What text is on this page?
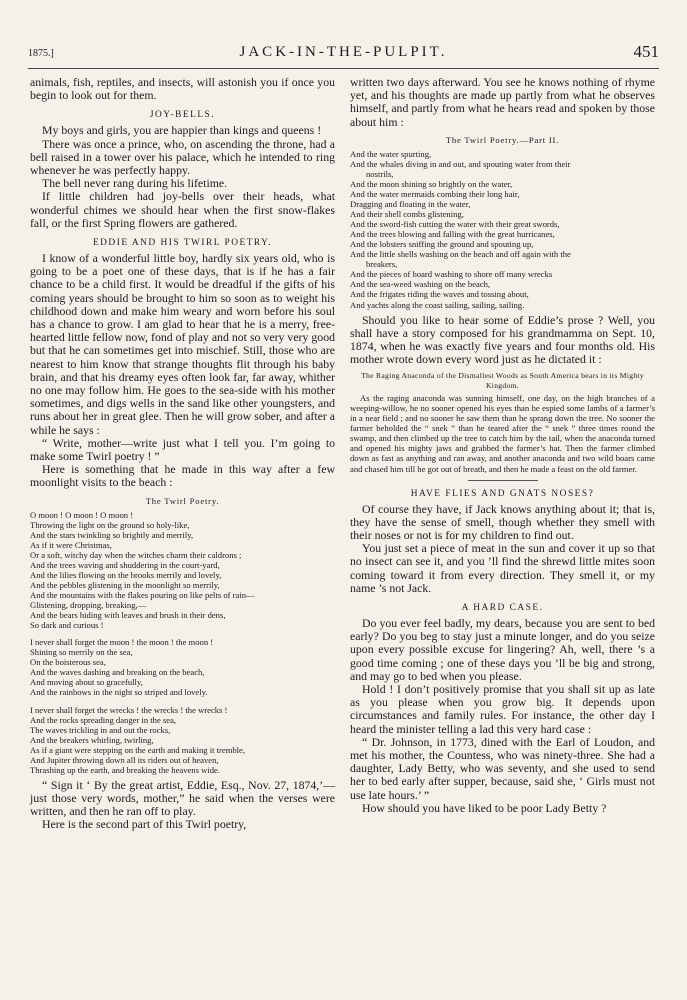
1875.]	JACK-IN-THE-PULPIT.	451

animals, fish, reptiles, and insects, will astonish you if once you begin to look out for them.

JOY-BELLS.

My boys and girls, you are happier than kings and queens !

There was once a prince, who, on ascending the throne, had a bell raised in a tower over his palace, which he intended to ring whenever he was perfectly happy.

The bell never rang during his lifetime.

If little children had joy-bells over their heads, what wonderful chimes we should hear when the first snow-flakes fall, or the first Spring flowers are gathered.

EDDIE AND HIS TWIRL POETRY.

I know of a wonderful little boy, hardly six years old, who is going to be a poet one of these days, that is if he has a fair chance to be a child first. It would be dreadful if the gifts of his coming years should be brought to him so soon as to weight his childhood down and make him weary and worn before his soul has a chance to grow. I am glad to hear that he is a merry, free-hearted little fellow now, fond of play and not so very very good but that he can sometimes get into mischief. Still, those who are nearest to him know that strange thoughts flit through his baby brain, and that his dreamy eyes often look far, far away, whither no one may follow him. He goes to the sea-side with his mother sometimes, and digs wells in the sand like other youngsters, and runs about her in great glee. Then he will grow sober, and after a while he says :

“ Write, mother—write just what I tell you. I’m going to make some Twirl poetry ! ”

Here is something that he made in this way after a few moonlight visits to the beach :

The Twirl Poetry.
O moon ! O moon ! O moon !
Throwing the light on the ground so holy-like,
And the stars twinkling so brightly and merrily,
As if it were Christmas,
Or a soft, witchy day when the witches charm their caldrons ;
And the trees waving and shuddering in the court-yard,
And the lilies flowing on the brooks merrily and lovely,
And the pebbles glistening in the moonlight so merrily,
And the mountains with the flakes pouring on like pelts of rain—
Glistening, dropping, breaking,—
And the bears hiding with leaves and brush in their dens,
So dark and curious !
I never shall forget the moon ! the moon ! the moon !
Shining so merrily on the sea,
On the boisterous sea,
And the waves dashing and breaking on the beach,
And moving about so gracefully,
And the rainbows in the night so striped and lovely.
I never shall forget the wrecks ! the wrecks ! the wrecks !
And the rocks spreading danger in the sea,
The waves trickling in and out the rocks,
And the breakers whirling, twirling,
As if a giant were stepping on the earth and making it tremble,
And Jupiter throwing down all its riders out of heaven,
Thrashing up the earth, and breaking the heavens wide.

“ Sign it ‘ By the great artist, Eddie, Esq., Nov. 27, 1874,’—just those very words, mother,” he said when the verses were written, and then he ran off to play.

Here is the second part of this Twirl poetry,

written two days afterward. You see he knows nothing of rhyme yet, and his thoughts are made up partly from what he observes himself, and partly from what he hears read and spoken by those about him :

The Twirl Poetry.—Part II.
And the water spurting,
And the whales diving in and out, and spouting water from their
nostrils,
And the moon shining so brightly on the water,
And the water mermaids combing their long hair,
Dragging and floating in the water,
And their shell combs glistening,
And the sword-fish cutting the water with their great swords,
And the trees blowing and falling with the great hurricanes,
And the lobsters sniffing the ground and spouting up,
And the little shells washing on the beach and off again with the
breakers,
And the pieces of board washing to shore off many wrecks
And the sea-weed washing on the beach,
And the frigates riding the waves and tossing about,
And yachts along the coast sailing, sailing, sailing.

Should you like to hear some of Eddie’s prose ? Well, you shall have a story composed for his grandmamma on Sept. 10, 1874, when he was exactly five years and four months old. His mother wrote down every word just as he dictated it :

The Raging Anaconda of the Dismallest Woods as South America bears in its Mighty Kingdom.

As the raging anaconda was sunning himself, one day, on the high branches of a weeping-willow, he no sooner opened his eyes than he espied some lambs of a farmer’s in a near field ; and no sooner he saw them than he sprang down the tree. No sooner the farmer beholded the “ snek ” than he teared after the “ snek ” three times round the swamp, and then climbed up the tree to catch him by the tail, when the anaconda turned and opened his mighty jaws and grabbed the farmer’s hat. Then the farmer climbed down as fast as anything and ran away, and another anaconda and two wild boars came and chased him till he got out of breath, and then he made a feast on the old farmer.

HAVE FLIES AND GNATS NOSES?

Of course they have, if Jack knows anything about it; that is, they have the sense of smell, though whether they smell with their noses or not is for my children to find out.

You just set a piece of meat in the sun and cover it up so that no insect can see it, and you ’ll find the shrewd little mites soon coming toward it from every direction. They smell it, or my name ’s not Jack.

A HARD CASE.

Do you ever feel badly, my dears, because you are sent to bed early? Do you beg to stay just a minute longer, and do you seize upon every possible excuse for lingering? Ah, well, there ’s a good time coming ; one of these days you ’ll be big and strong, and may go to bed when you please.

Hold ! I don’t positively promise that you shall sit up as late as you please when you grow big. It depends upon circumstances and family rules. For instance, the other day I heard the minister telling a lad this very hard case :

“ Dr. Johnson, in 1773, dined with the Earl of Loudon, and met his mother, the Countess, who was ninety-three. She had a daughter, Lady Betty, who was seventy, and she used to send her to bed early after supper, because, said she, ‘ Girls must not use late hours.’ ”

How should you have liked to be poor Lady Betty ?
